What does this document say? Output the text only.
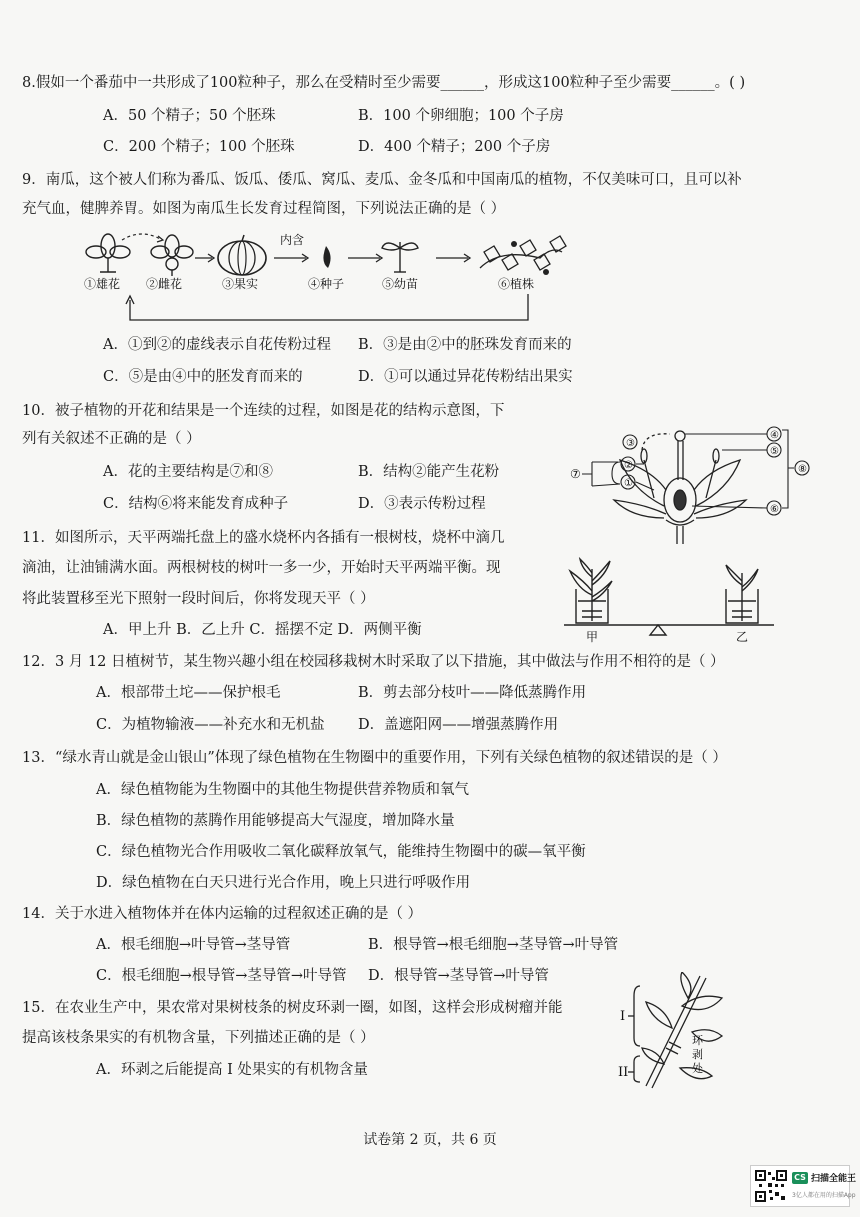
8.假如一个番茄中一共形成了100粒种子，那么在受精时至少需要______，形成这100粒种子至少需要______。( )
A．50 个精子；50 个胚珠	B．100 个卵细胞；100 个子房
C．200 个精子；100 个胚珠	D．400 个精子；200 个子房
9．南瓜，这个被人们称为番瓜、饭瓜、倭瓜、窝瓜、麦瓜、金冬瓜和中国南瓜的植物，不仅美味可口，且可以补
充气血，健脾养胃。如图为南瓜生长发育过程简图，下列说法正确的是（ ）
内含
①雄花 ②雌花	③果实	④种子	⑤幼苗	⑥植株
A．①到②的虚线表示自花传粉过程 B．③是由②中的胚珠发育而来的
C．⑤是由④中的胚发育而来的	D．①可以通过异花传粉结出果实
10．被子植物的开花和结果是一个连续的过程，如图是花的结构示意图，下
列有关叙述不正确的是（ ）
A．花的主要结构是⑦和⑧	B．结构②能产生花粉
C．结构⑥将来能发育成种子	D．③表示传粉过程
③
②
①
④
⑤
⑥
⑧
⑦
11．如图所示，天平两端托盘上的盛水烧杯内各插有一根树枝，烧杯中滴几
滴油，让油铺满水面。两根树枝的树叶一多一少，开始时天平两端平衡。现
将此装置移至光下照射一段时间后，你将发现天平（ ）
A．甲上升 B．乙上升 C．摇摆不定 D．两侧平衡	甲	乙
12．3 月 12 日植树节，某生物兴趣小组在校园移栽树木时采取了以下措施，其中做法与作用不相符的是（ ）
A．根部带土坨——保护根毛	B．剪去部分枝叶——降低蒸腾作用
C．为植物输液——补充水和无机盐 D．盖遮阳网——增强蒸腾作用
13．“绿水青山就是金山银山”体现了绿色植物在生物圈中的重要作用，下列有关绿色植物的叙述错误的是（ ）
A．绿色植物能为生物圈中的其他生物提供营养物质和氧气
B．绿色植物的蒸腾作用能够提高大气湿度，增加降水量
C．绿色植物光合作用吸收二氧化碳释放氧气，能维持生物圈中的碳—氧平衡
D．绿色植物在白天只进行光合作用，晚上只进行呼吸作用
14．关于水进入植物体并在体内运输的过程叙述正确的是（ ）
A．根毛细胞→叶导管→茎导管	B．根导管→根毛细胞→茎导管→叶导管
C．根毛细胞→根导管→茎导管→叶导管 D．根导管→茎导管→叶导管
15．在农业生产中，果农常对果树枝条的树皮环剥一圈，如图，这样会形成树瘤并能
提高该枝条果实的有机物含量，下列描述正确的是（ ）
A．环剥之后能提高 I 处果实的有机物含量
I
II
环
剥
处
试卷第 2 页，共 6 页
CS 扫描全能王
3亿人都在用的扫描App
